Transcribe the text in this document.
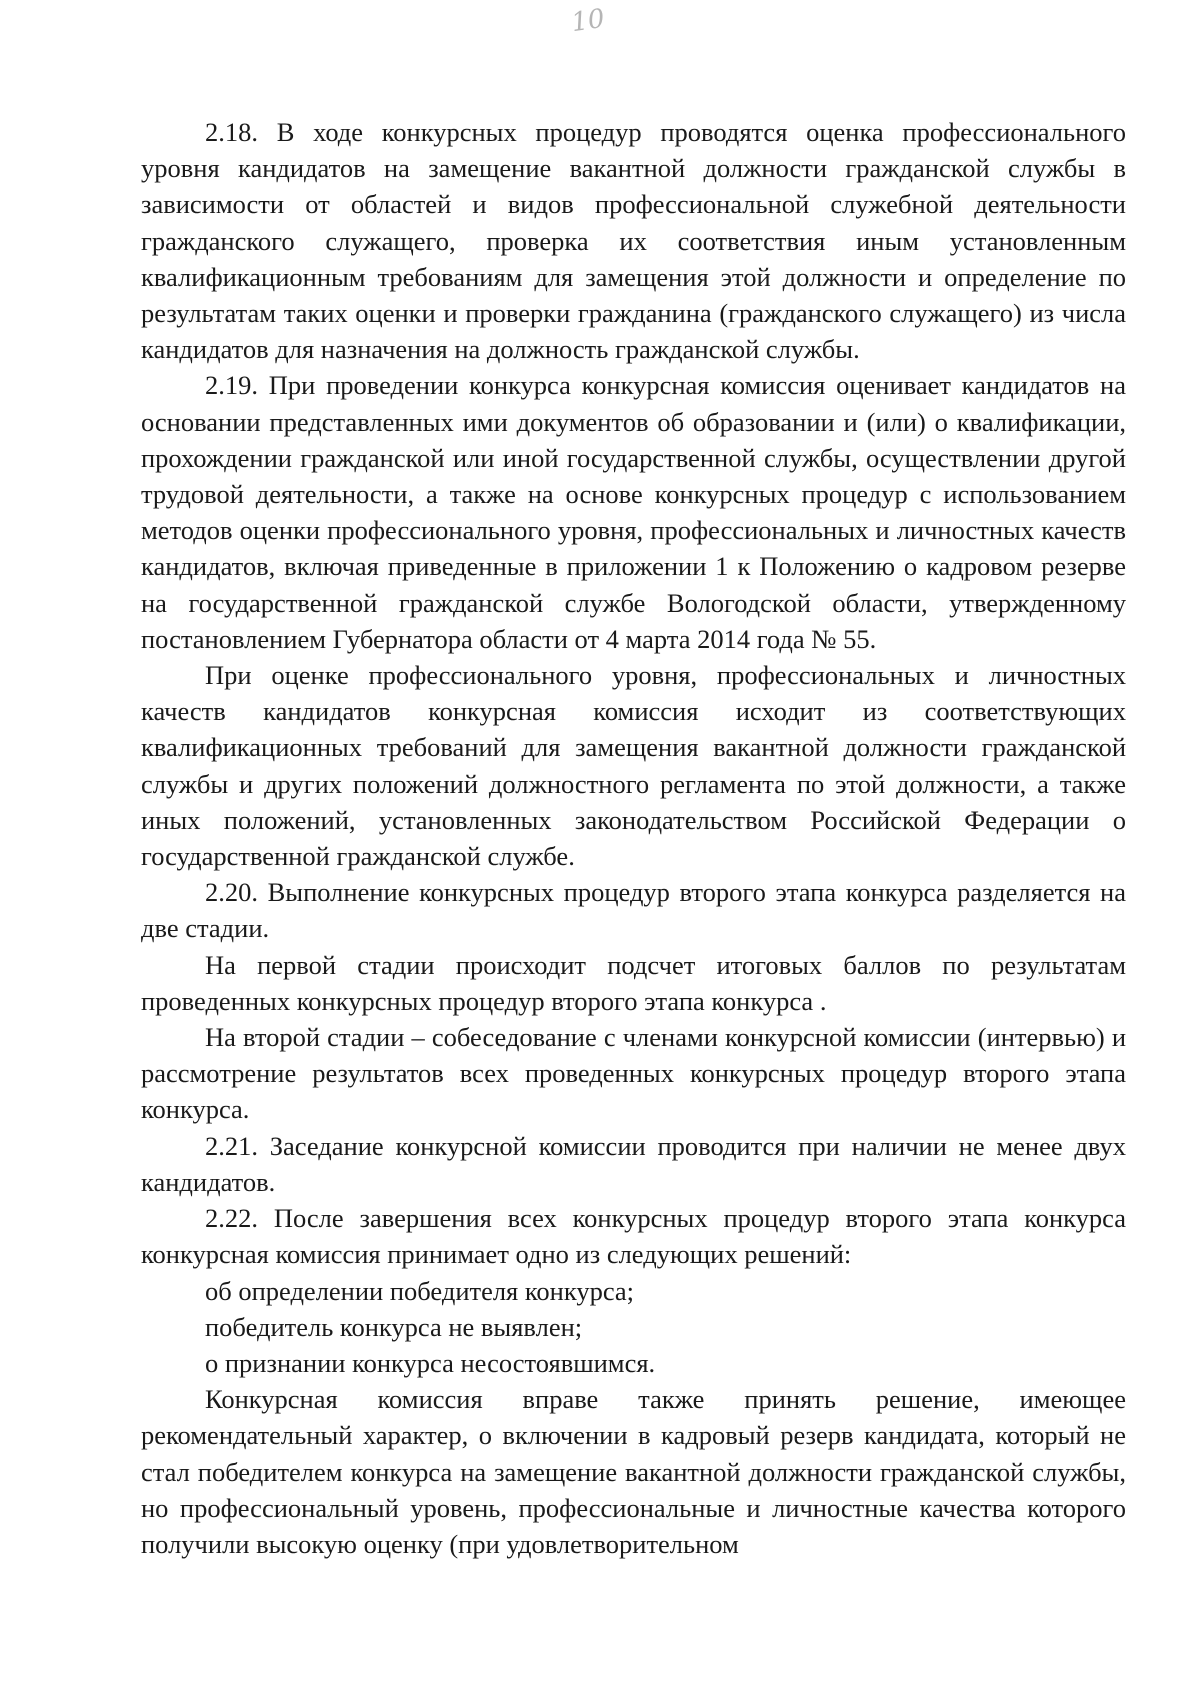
10

2.18. В ходе конкурсных процедур проводятся оценка профессионального уровня кандидатов на замещение вакантной должности гражданской службы в зависимости от областей и видов профессиональной служебной деятельности гражданского служащего, проверка их соответствия иным установленным квалификационным требованиям для замещения этой должности и определение по результатам таких оценки и проверки гражданина (гражданского служащего) из числа кандидатов для назначения на должность гражданской службы.

2.19. При проведении конкурса конкурсная комиссия оценивает кандидатов на основании представленных ими документов об образовании и (или) о квалификации, прохождении гражданской или иной государственной службы, осуществлении другой трудовой деятельности, а также на основе конкурсных процедур с использованием методов оценки профессионального уровня, профессиональных и личностных качеств кандидатов, включая приведенные в приложении 1 к Положению о кадровом резерве на государственной гражданской службе Вологодской области, утвержденному постановлением Губернатора области от 4 марта 2014 года № 55.

При оценке профессионального уровня, профессиональных и личностных качеств кандидатов конкурсная комиссия исходит из соответствующих квалификационных требований для замещения вакантной должности гражданской службы и других положений должностного регламента по этой должности, а также иных положений, установленных законодательством Российской Федерации о государственной гражданской службе.

2.20. Выполнение конкурсных процедур второго этапа конкурса разделяется на две стадии.

На первой стадии происходит подсчет итоговых баллов по результатам проведенных конкурсных процедур второго этапа конкурса .

На второй стадии – собеседование с членами конкурсной комиссии (интервью) и рассмотрение результатов всех проведенных конкурсных процедур второго этапа конкурса.

2.21. Заседание конкурсной комиссии проводится при наличии не менее двух кандидатов.

2.22. После завершения всех конкурсных процедур второго этапа конкурса конкурсная комиссия принимает одно из следующих решений:

об определении победителя конкурса;

победитель конкурса не выявлен;

о признании конкурса несостоявшимся.

Конкурсная комиссия вправе также принять решение, имеющее рекомендательный характер, о включении в кадровый резерв кандидата, который не стал победителем конкурса на замещение вакантной должности гражданской службы, но профессиональный уровень, профессиональные и личностные качества которого получили высокую оценку (при удовлетворительном
